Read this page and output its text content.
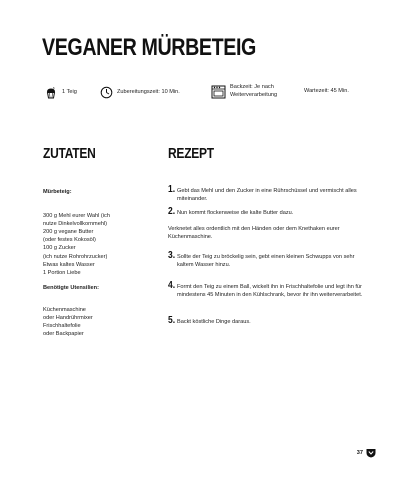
VEGANER MÜRBETEIG
1 Teig	Zubereitungszeit: 10 Min.
Backzeit: Je nach
Weiterverarbeitung
Wartezeit: 45 Min.
ZUTATEN	REZEPT
Mürbeteig:
300 g Mehl eurer Wahl (ich
nutze Dinkelvollkornmehl)
200 g vegane Butter
(oder festes Kokosöl)
100 g Zucker
(ich nutze Rohrohrzucker)
Etwas kaltes Wasser
1 Portion Liebe
Benötigte Utensilien:
Küchenmaschine
oder Handrührmixer
Frischhaltefolie
oder Backpapier
1. Gebt das Mehl und den Zucker in eine Rührschüssel und vermischt alles miteinander.
2. Nun kommt flockenweise die kalte Butter dazu.
Verknetet alles ordentlich mit den Händen oder dem Knethaken eurer Küchenmaschine.
3. Sollte der Teig zu bröckelig sein, gebt einen kleinen Schwupps von sehr kaltem Wasser hinzu.
4. Formt den Teig zu einem Ball, wickelt ihn in Frischhaltefolie und legt ihn für mindestens 45 Minuten in den Kühlschrank, bevor ihr ihn weiterverarbeitet.
5. Backt köstliche Dinge daraus.
37
